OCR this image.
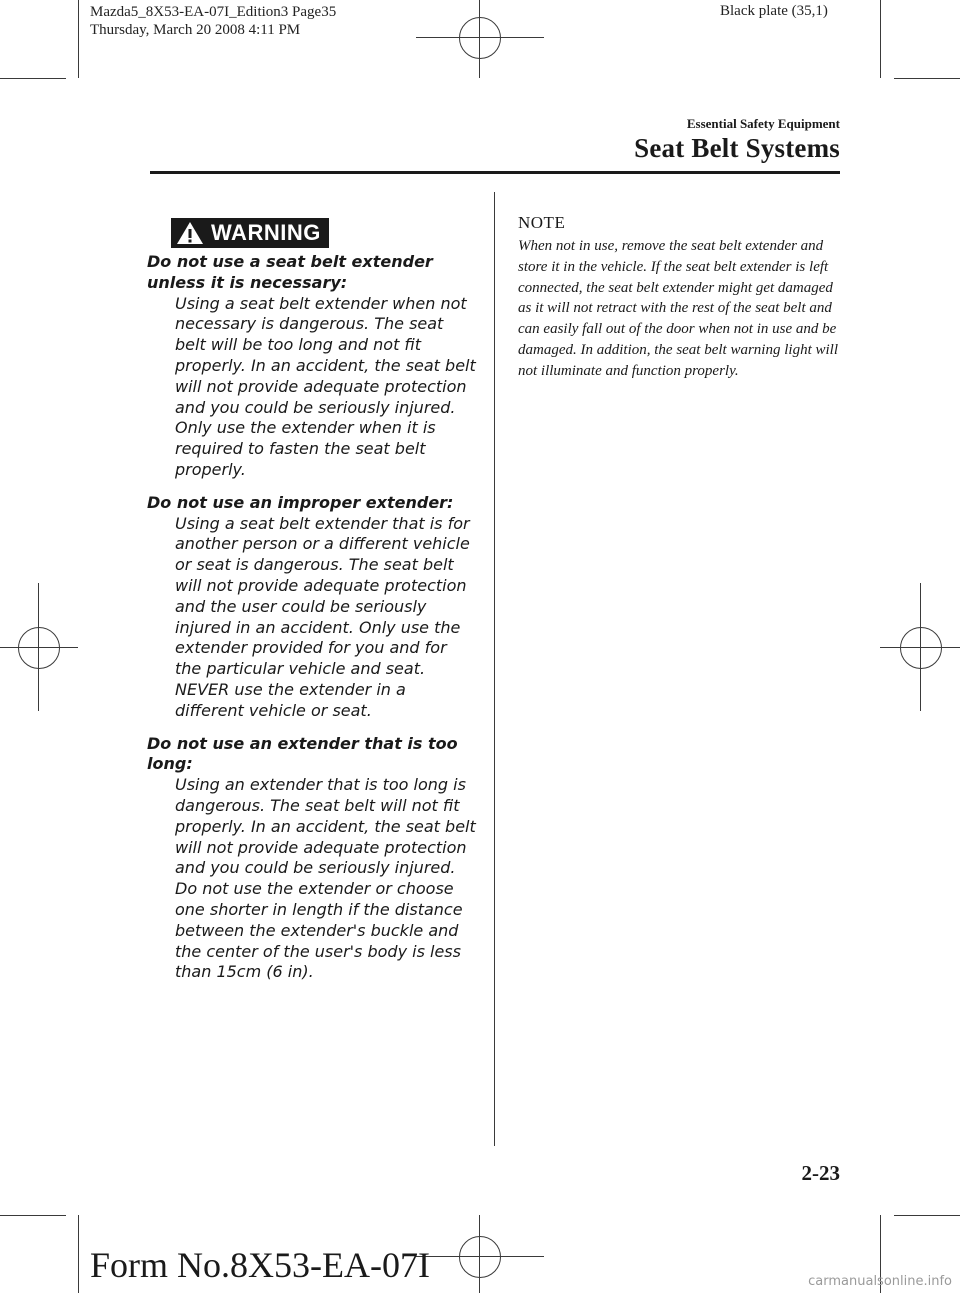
Mazda5_8X53-EA-07I_Edition3 Page35
Thursday, March 20 2008 4:11 PM
Black plate (35,1)
Essential Safety Equipment
Seat Belt Systems
WARNING
Do not use a seat belt extender unless it is necessary:
Using a seat belt extender when not necessary is dangerous. The seat belt will be too long and not fit properly. In an accident, the seat belt will not provide adequate protection and you could be seriously injured. Only use the extender when it is required to fasten the seat belt properly.
Do not use an improper extender:
Using a seat belt extender that is for another person or a different vehicle or seat is dangerous. The seat belt will not provide adequate protection and the user could be seriously injured in an accident. Only use the extender provided for you and for the particular vehicle and seat. NEVER use the extender in a different vehicle or seat.
Do not use an extender that is too long:
Using an extender that is too long is dangerous. The seat belt will not fit properly. In an accident, the seat belt will not provide adequate protection and you could be seriously injured. Do not use the extender or choose one shorter in length if the distance between the extender's buckle and the center of the user's body is less than 15cm (6 in).
NOTE
When not in use, remove the seat belt extender and store it in the vehicle. If the seat belt extender is left connected, the seat belt extender might get damaged as it will not retract with the rest of the seat belt and can easily fall out of the door when not in use and be damaged. In addition, the seat belt warning light will not illuminate and function properly.
2-23
Form No.8X53-EA-07I	carmanualsonline.info
